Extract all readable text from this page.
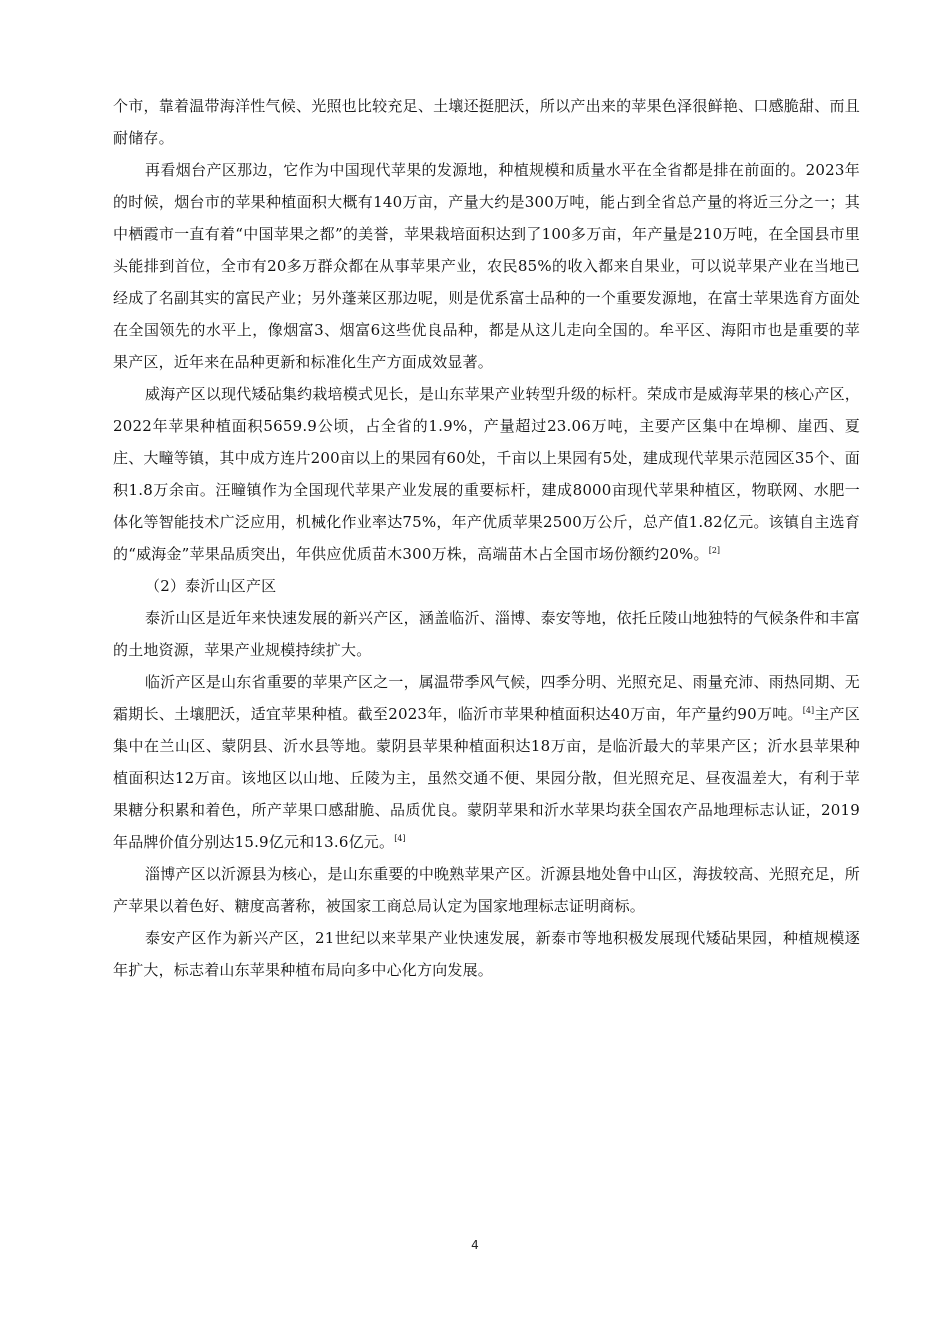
个市，靠着温带海洋性气候、光照也比较充足、土壤还挺肥沃，所以产出来的苹果色泽很鲜艳、口感脆甜、而且耐储存。

再看烟台产区那边，它作为中国现代苹果的发源地，种植规模和质量水平在全省都是排在前面的。2023年的时候，烟台市的苹果种植面积大概有140万亩，产量大约是300万吨，能占到全省总产量的将近三分之一；其中栖霞市一直有着“中国苹果之都”的美誉，苹果栽培面积达到了100多万亩，年产量是210万吨，在全国县市里头能排到首位，全市有20多万群众都在从事苹果产业，农民85%的收入都来自果业，可以说苹果产业在当地已经成了名副其实的富民产业；另外蓬莱区那边呢，则是优系富士品种的一个重要发源地，在富士苹果选育方面处在全国领先的水平上，像烟富3、烟富6这些优良品种，都是从这儿走向全国的。牟平区、海阳市也是重要的苹果产区，近年来在品种更新和标准化生产方面成效显著。

威海产区以现代矮砧集约栽培模式见长，是山东苹果产业转型升级的标杆。荣成市是威海苹果的核心产区，2022年苹果种植面积5659.9公顷，占全省的1.9%，产量超过23.06万吨，主要产区集中在埠柳、崖西、夏庄、大疃等镇，其中成方连片200亩以上的果园有60处，千亩以上果园有5处，建成现代苹果示范园区35个、面积1.8万余亩。汪疃镇作为全国现代苹果产业发展的重要标杆，建成8000亩现代苹果种植区，物联网、水肥一体化等智能技术广泛应用，机械化作业率达75%，年产优质苹果2500万公斤，总产值1.82亿元。该镇自主选育的“威海金”苹果品质突出，年供应优质苗木300万株，高端苗木占全国市场份额约20%。[2]

（2）泰沂山区产区

泰沂山区是近年来快速发展的新兴产区，涵盖临沂、淄博、泰安等地，依托丘陵山地独特的气候条件和丰富的土地资源，苹果产业规模持续扩大。

临沂产区是山东省重要的苹果产区之一，属温带季风气候，四季分明、光照充足、雨量充沛、雨热同期、无霜期长、土壤肥沃，适宜苹果种植。截至2023年，临沂市苹果种植面积达40万亩，年产量约90万吨。[4]主产区集中在兰山区、蒙阴县、沂水县等地。蒙阴县苹果种植面积达18万亩，是临沂最大的苹果产区；沂水县苹果种植面积达12万亩。该地区以山地、丘陵为主，虽然交通不便、果园分散，但光照充足、昼夜温差大，有利于苹果糖分积累和着色，所产苹果口感甜脆、品质优良。蒙阴苹果和沂水苹果均获全国农产品地理标志认证，2019年品牌价值分别达15.9亿元和13.6亿元。[4]

淄博产区以沂源县为核心，是山东重要的中晚熟苹果产区。沂源县地处鲁中山区，海拔较高、光照充足，所产苹果以着色好、糖度高著称，被国家工商总局认定为国家地理标志证明商标。

泰安产区作为新兴产区，21世纪以来苹果产业快速发展，新泰市等地积极发展现代矮砧果园，种植规模逐年扩大，标志着山东苹果种植布局向多中心化方向发展。

4
